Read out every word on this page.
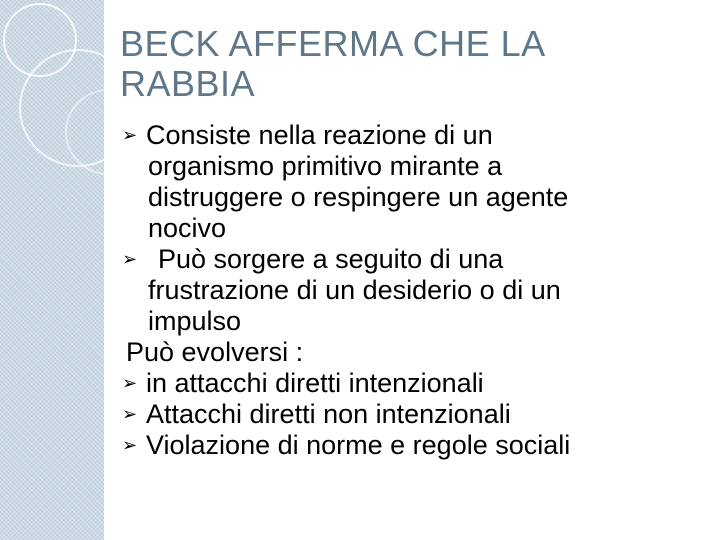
BECK AFFERMA CHE LA
RABBIA
➢ Consiste nella reazione di un
organismo primitivo mirante a
distruggere o respingere un agente
nocivo
➢ Può sorgere a seguito di una
frustrazione di un desiderio o di un
impulso
Può evolversi :
➢ in attacchi diretti intenzionali
➢ Attacchi diretti non intenzionali
➢ Violazione di norme e regole sociali
